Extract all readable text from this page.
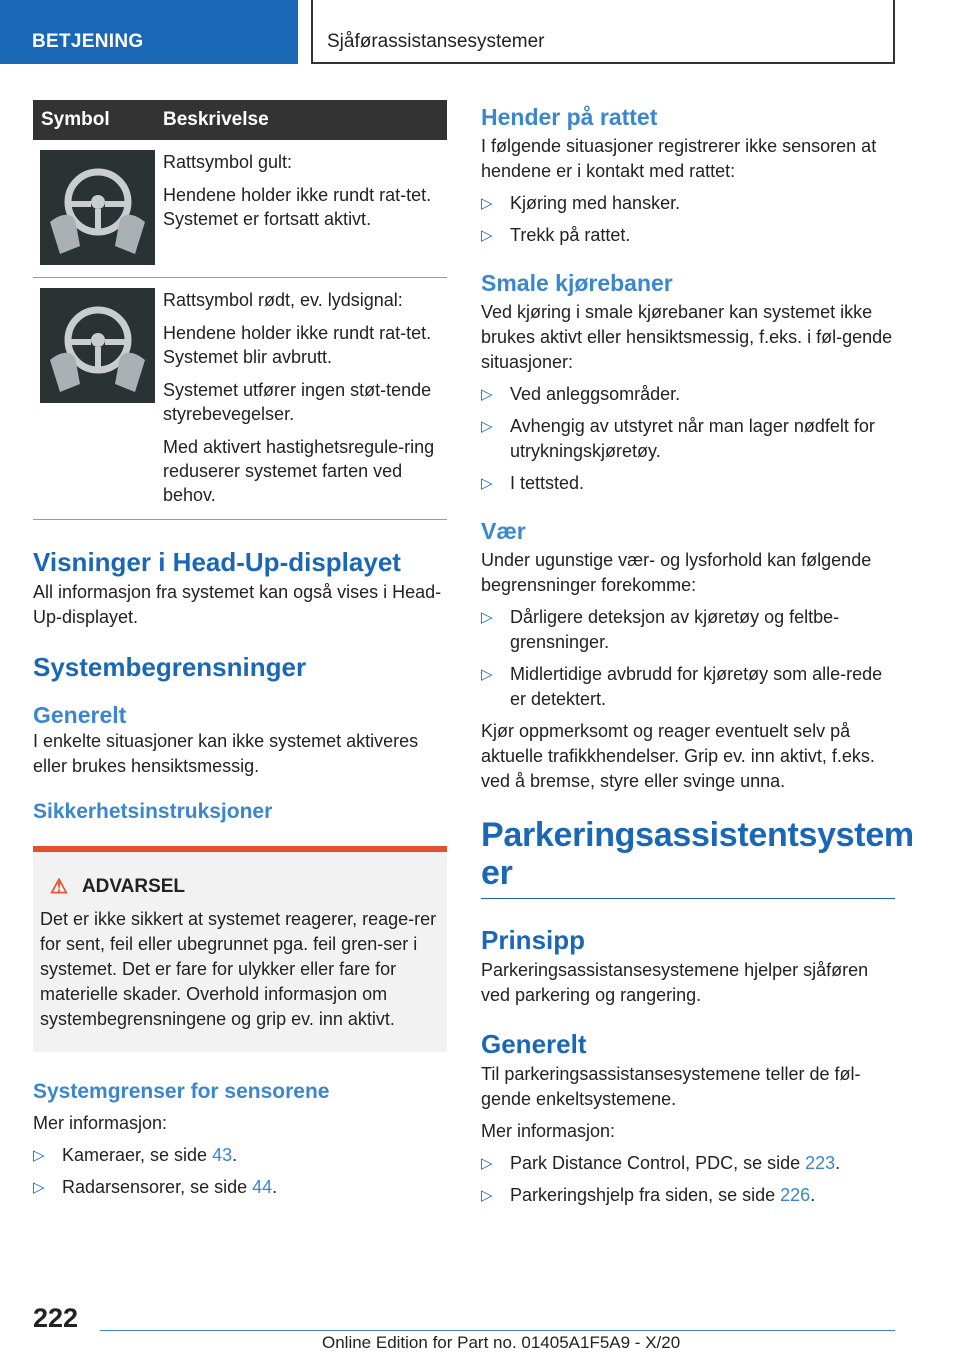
BETJENING	Sjåførassistansesystemer
Symbol	Beskrivelse

Rattsymbol gult:

Hendene holder ikke rundt rat-tet. Systemet er fortsatt aktivt.

Rattsymbol rødt, ev. lydsignal:

Hendene holder ikke rundt rat-tet. Systemet blir avbrutt.

Systemet utfører ingen støt-tende styrebevegelser.

Med aktivert hastighetsregule-ring reduserer systemet farten ved behov.

Visninger i Head-Up-displayet

All informasjon fra systemet kan også vises i Head-Up-displayet.

Systembegrensninger
Generelt

I enkelte situasjoner kan ikke systemet aktiveres eller brukes hensiktsmessig.

Sikkerhetsinstruksjoner
⚠ ADVARSEL

Det er ikke sikkert at systemet reagerer, reage-rer for sent, feil eller ubegrunnet pga. feil gren-ser i systemet. Det er fare for ulykker eller fare for materielle skader. Overhold informasjon om systembegrensningene og grip ev. inn aktivt.

Systemgrenser for sensorene

Mer informasjon:

▷ Kameraer, se side 43.
▷ Radarsensorer, se side 44.
Hender på rattet

I følgende situasjoner registrerer ikke sensoren at hendene er i kontakt med rattet:

▷ Kjøring med hansker.
▷ Trekk på rattet.
Smale kjørebaner

Ved kjøring i smale kjørebaner kan systemet ikke brukes aktivt eller hensiktsmessig, f.eks. i føl-gende situasjoner:

▷ Ved anleggsområder.
▷ Avhengig av utstyret når man lager nødfelt for utrykningskjøretøy.
▷ I tettsted.
Vær

Under ugunstige vær- og lysforhold kan følgende begrensninger forekomme:

▷ Dårligere deteksjon av kjøretøy og feltbe-grensninger.
▷ Midlertidige avbrudd for kjøretøy som alle-rede er detektert.

Kjør oppmerksomt og reager eventuelt selv på aktuelle trafikkhendelser. Grip ev. inn aktivt, f.eks. ved å bremse, styre eller svinge unna.

Parkeringsassistentsystem er
Prinsipp

Parkeringsassistansesystemene hjelper sjåføren ved parkering og rangering.

Generelt

Til parkeringsassistansesystemene teller de føl-gende enkeltsystemene.

Mer informasjon:

▷ Park Distance Control, PDC, se side 223.
▷ Parkeringshjelp fra siden, se side 226.
222
Online Edition for Part no. 01405A1F5A9 - X/20
